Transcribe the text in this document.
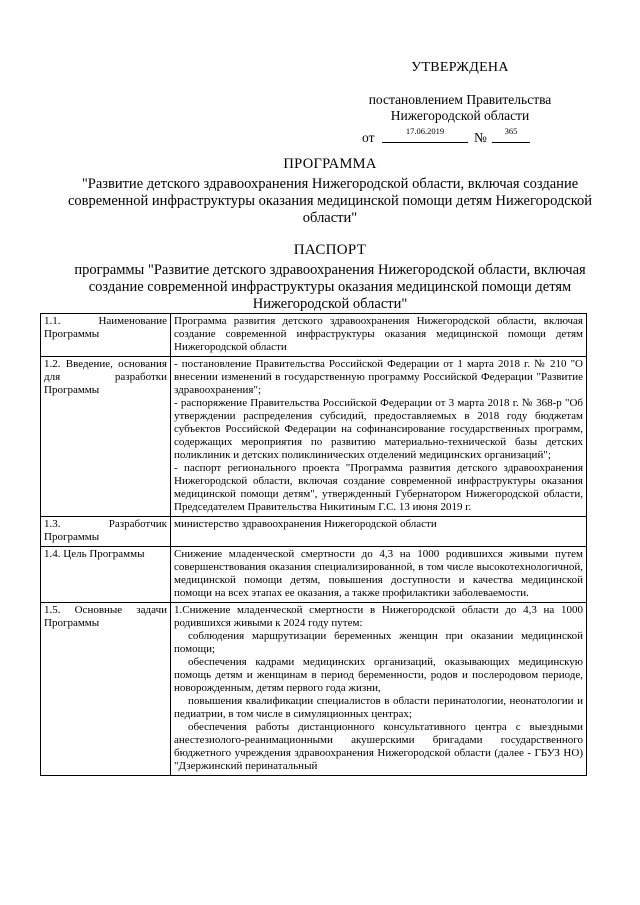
УТВЕРЖДЕНА
постановлением Правительства
Нижегородской области
от	17.06.2019	№	365
ПРОГРАММА
"Развитие детского здравоохранения Нижегородской области, включая создание современной инфраструктуры оказания медицинской помощи детям Нижегородской области"
ПАСПОРТ
программы "Развитие детского здравоохранения Нижегородской области, включая создание современной инфраструктуры оказания медицинской помощи детям Нижегородской области"
1.1. Наименование Программы	Программа развития детского здравоохранения Нижегородской области, включая создание современной инфраструктуры оказания медицинской помощи детям Нижегородской области

1.2. Введение, основания для разработки Программы	- постановление Правительства Российской Федерации от 1 марта 2018 г. № 210 "О внесении изменений в государственную программу Российской Федерации "Развитие здравоохранения";
- распоряжение Правительства Российской Федерации от 3 марта 2018 г. № 368-р "Об утверждении распределения субсидий, предоставляемых в 2018 году бюджетам субъектов Российской Федерации на софинансирование государственных программ, содержащих мероприятия по развитию материально-технической базы детских поликлиник и детских поликлинических отделений медицинских организаций";
- паспорт регионального проекта "Программа развития детского здравоохранения Нижегородской области, включая создание современной инфраструктуры оказания медицинской помощи детям", утвержденный Губернатором Нижегородской области, Председателем Правительства Никитиным Г.С. 13 июня 2019 г.

1.3. Разработчик Программы	министерство здравоохранения Нижегородской области

1.4. Цель Программы	Снижение младенческой смертности до 4,3 на 1000 родившихся живыми путем совершенствования оказания специализированной, в том числе высокотехнологичной, медицинской помощи детям, повышения доступности и качества медицинской помощи на всех этапах ее оказания, а также профилактики заболеваемости.

1.5. Основные задачи Программы	1.Снижение младенческой смертности в Нижегородской области до 4,3 на 1000 родившихся живыми к 2024 году путем:
соблюдения маршрутизации беременных женщин при оказании медицинской помощи;
обеспечения кадрами медицинских организаций, оказывающих медицинскую помощь детям и женщинам в период беременности, родов и послеродовом периоде, новорожденным, детям первого года жизни,
повышения квалификации специалистов в области перинатологии, неонатологии и педиатрии, в том числе в симуляционных центрах;
обеспечения работы дистанционного консультативного центра с выездными анестезиолого-реанимационными акушерскими бригадами государственного бюджетного учреждения здравоохранения Нижегородской области (далее - ГБУЗ НО) "Дзержинский перинатальный
